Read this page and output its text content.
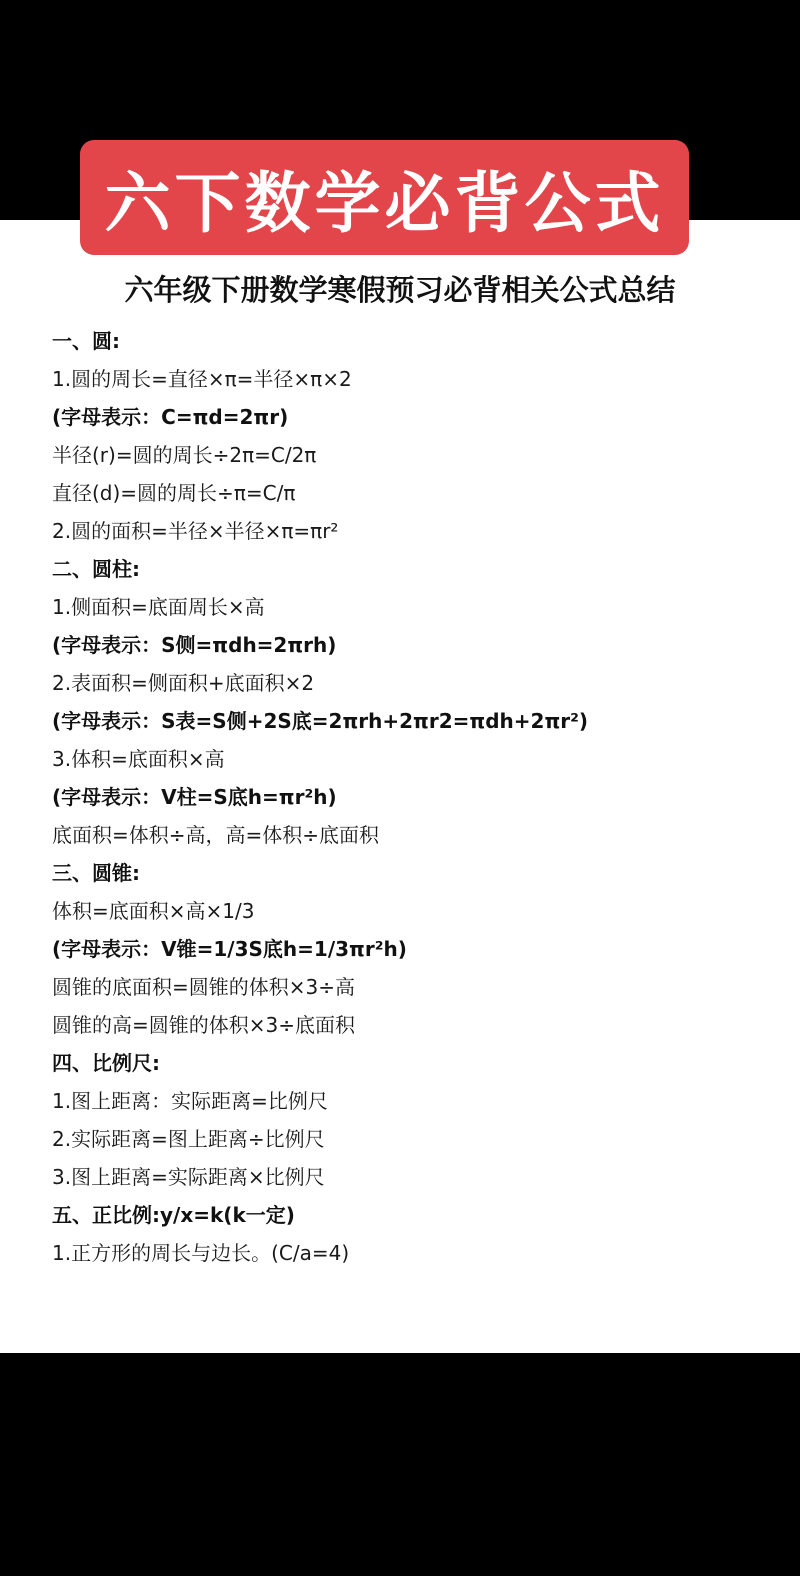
六下数学必背公式
六年级下册数学寒假预习必背相关公式总结
一、圆:
1.圆的周长=直径×π=半径×π×2
(字母表示：C=πd=2πr)
半径(r)=圆的周长÷2π=C/2π
直径(d)=圆的周长÷π=C/π
2.圆的面积=半径×半径×π=πr²
二、圆柱:
1.侧面积=底面周长×高
(字母表示：S侧=πdh=2πrh)
2.表面积=侧面积+底面积×2
(字母表示：S表=S侧+2S底=2πrh+2πr2=πdh+2πr²)
3.体积=底面积×高
(字母表示：V柱=S底h=πr²h)
底面积=体积÷高，高=体积÷底面积
三、圆锥:
体积=底面积×高×1/3
(字母表示：V锥=1/3S底h=1/3πr²h)
圆锥的底面积=圆锥的体积×3÷高
圆锥的高=圆锥的体积×3÷底面积
四、比例尺:
1.图上距离：实际距离=比例尺
2.实际距离=图上距离÷比例尺
3.图上距离=实际距离×比例尺
五、正比例:y/x=k(k一定)
1.正方形的周长与边长。(C/a=4)
